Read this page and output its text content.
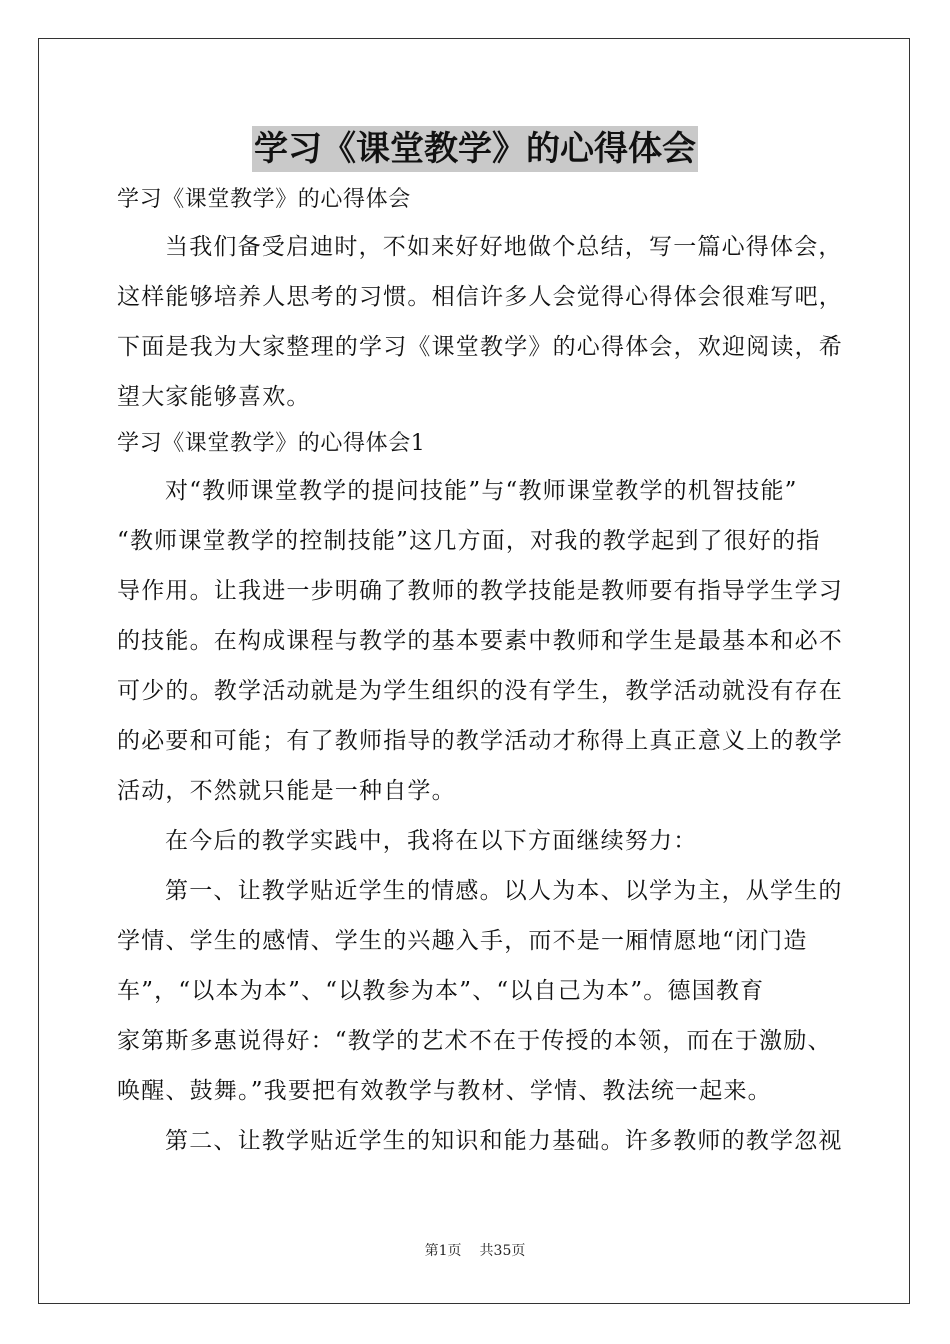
学习《课堂教学》的心得体会
学习《课堂教学》的心得体会
当我们备受启迪时，不如来好好地做个总结，写一篇心得体会，
这样能够培养人思考的习惯。相信许多人会觉得心得体会很难写吧，
下面是我为大家整理的学习《课堂教学》的心得体会，欢迎阅读，希
望大家能够喜欢。
学习《课堂教学》的心得体会1
对“教师课堂教学的提问技能”与“教师课堂教学的机智技能”
“教师课堂教学的控制技能”这几方面，对我的教学起到了很好的指
导作用。让我进一步明确了教师的教学技能是教师要有指导学生学习
的技能。在构成课程与教学的基本要素中教师和学生是最基本和必不
可少的。教学活动就是为学生组织的没有学生，教学活动就没有存在
的必要和可能；有了教师指导的教学活动才称得上真正意义上的教学
活动，不然就只能是一种自学。
在今后的教学实践中，我将在以下方面继续努力：
第一、让教学贴近学生的情感。以人为本、以学为主，从学生的
学情、学生的感情、学生的兴趣入手，而不是一厢情愿地“闭门造
车”，“以本为本”、“以教参为本”、“以自己为本”。德国教育
家第斯多惠说得好：“教学的艺术不在于传授的本领，而在于激励、
唤醒、鼓舞。”我要把有效教学与教材、学情、教法统一起来。
第二、让教学贴近学生的知识和能力基础。许多教师的教学忽视
第1页 共35页
